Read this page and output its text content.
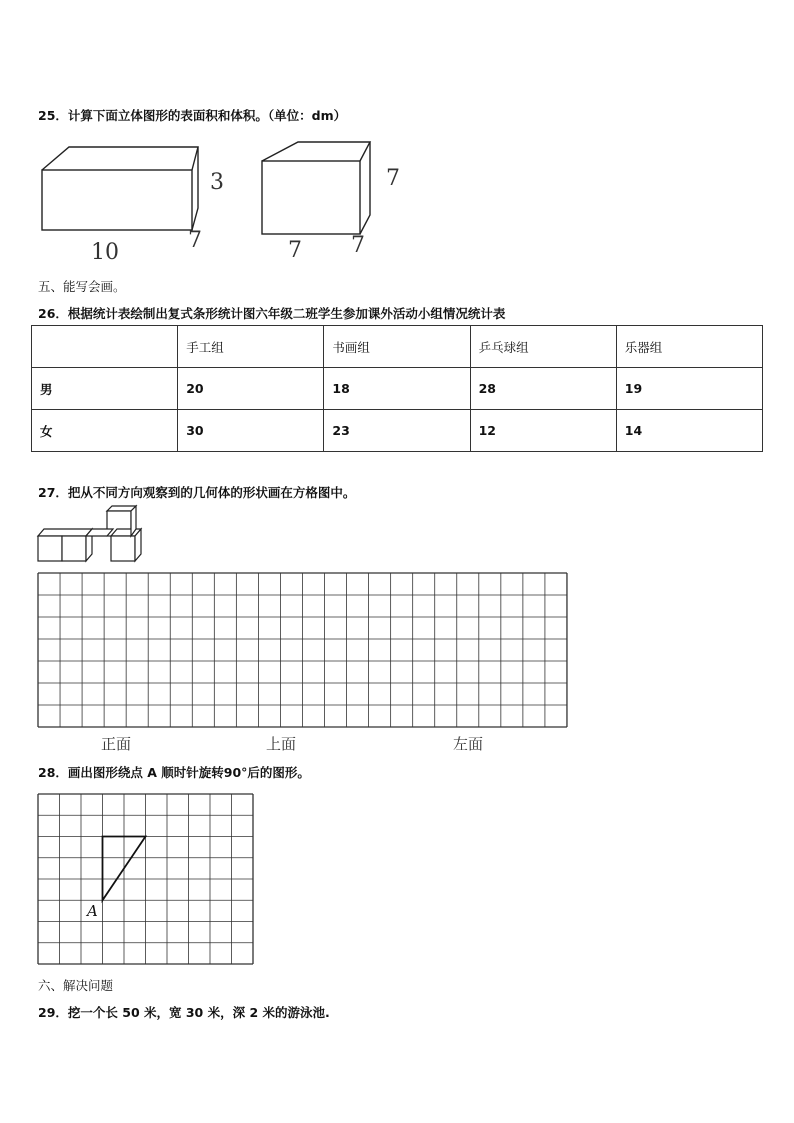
25．计算下面立体图形的表面积和体积。（单位：dm）
3
10	7
7
7 7
五、能写会画。
26．根据统计表绘制出复式条形统计图六年级二班学生参加课外活动小组情况统计表
	手工组	书画组	乒乓球组	乐器组
男	20	18	28	19
女	30	23	12	14
27．把从不同方向观察到的几何体的形状画在方格图中。
正面	上面	左面
28．画出图形绕点 A 顺时针旋转90°后的图形。
A
六、解决问题
29．挖一个长 50 米，宽 30 米，深 2 米的游泳池.
